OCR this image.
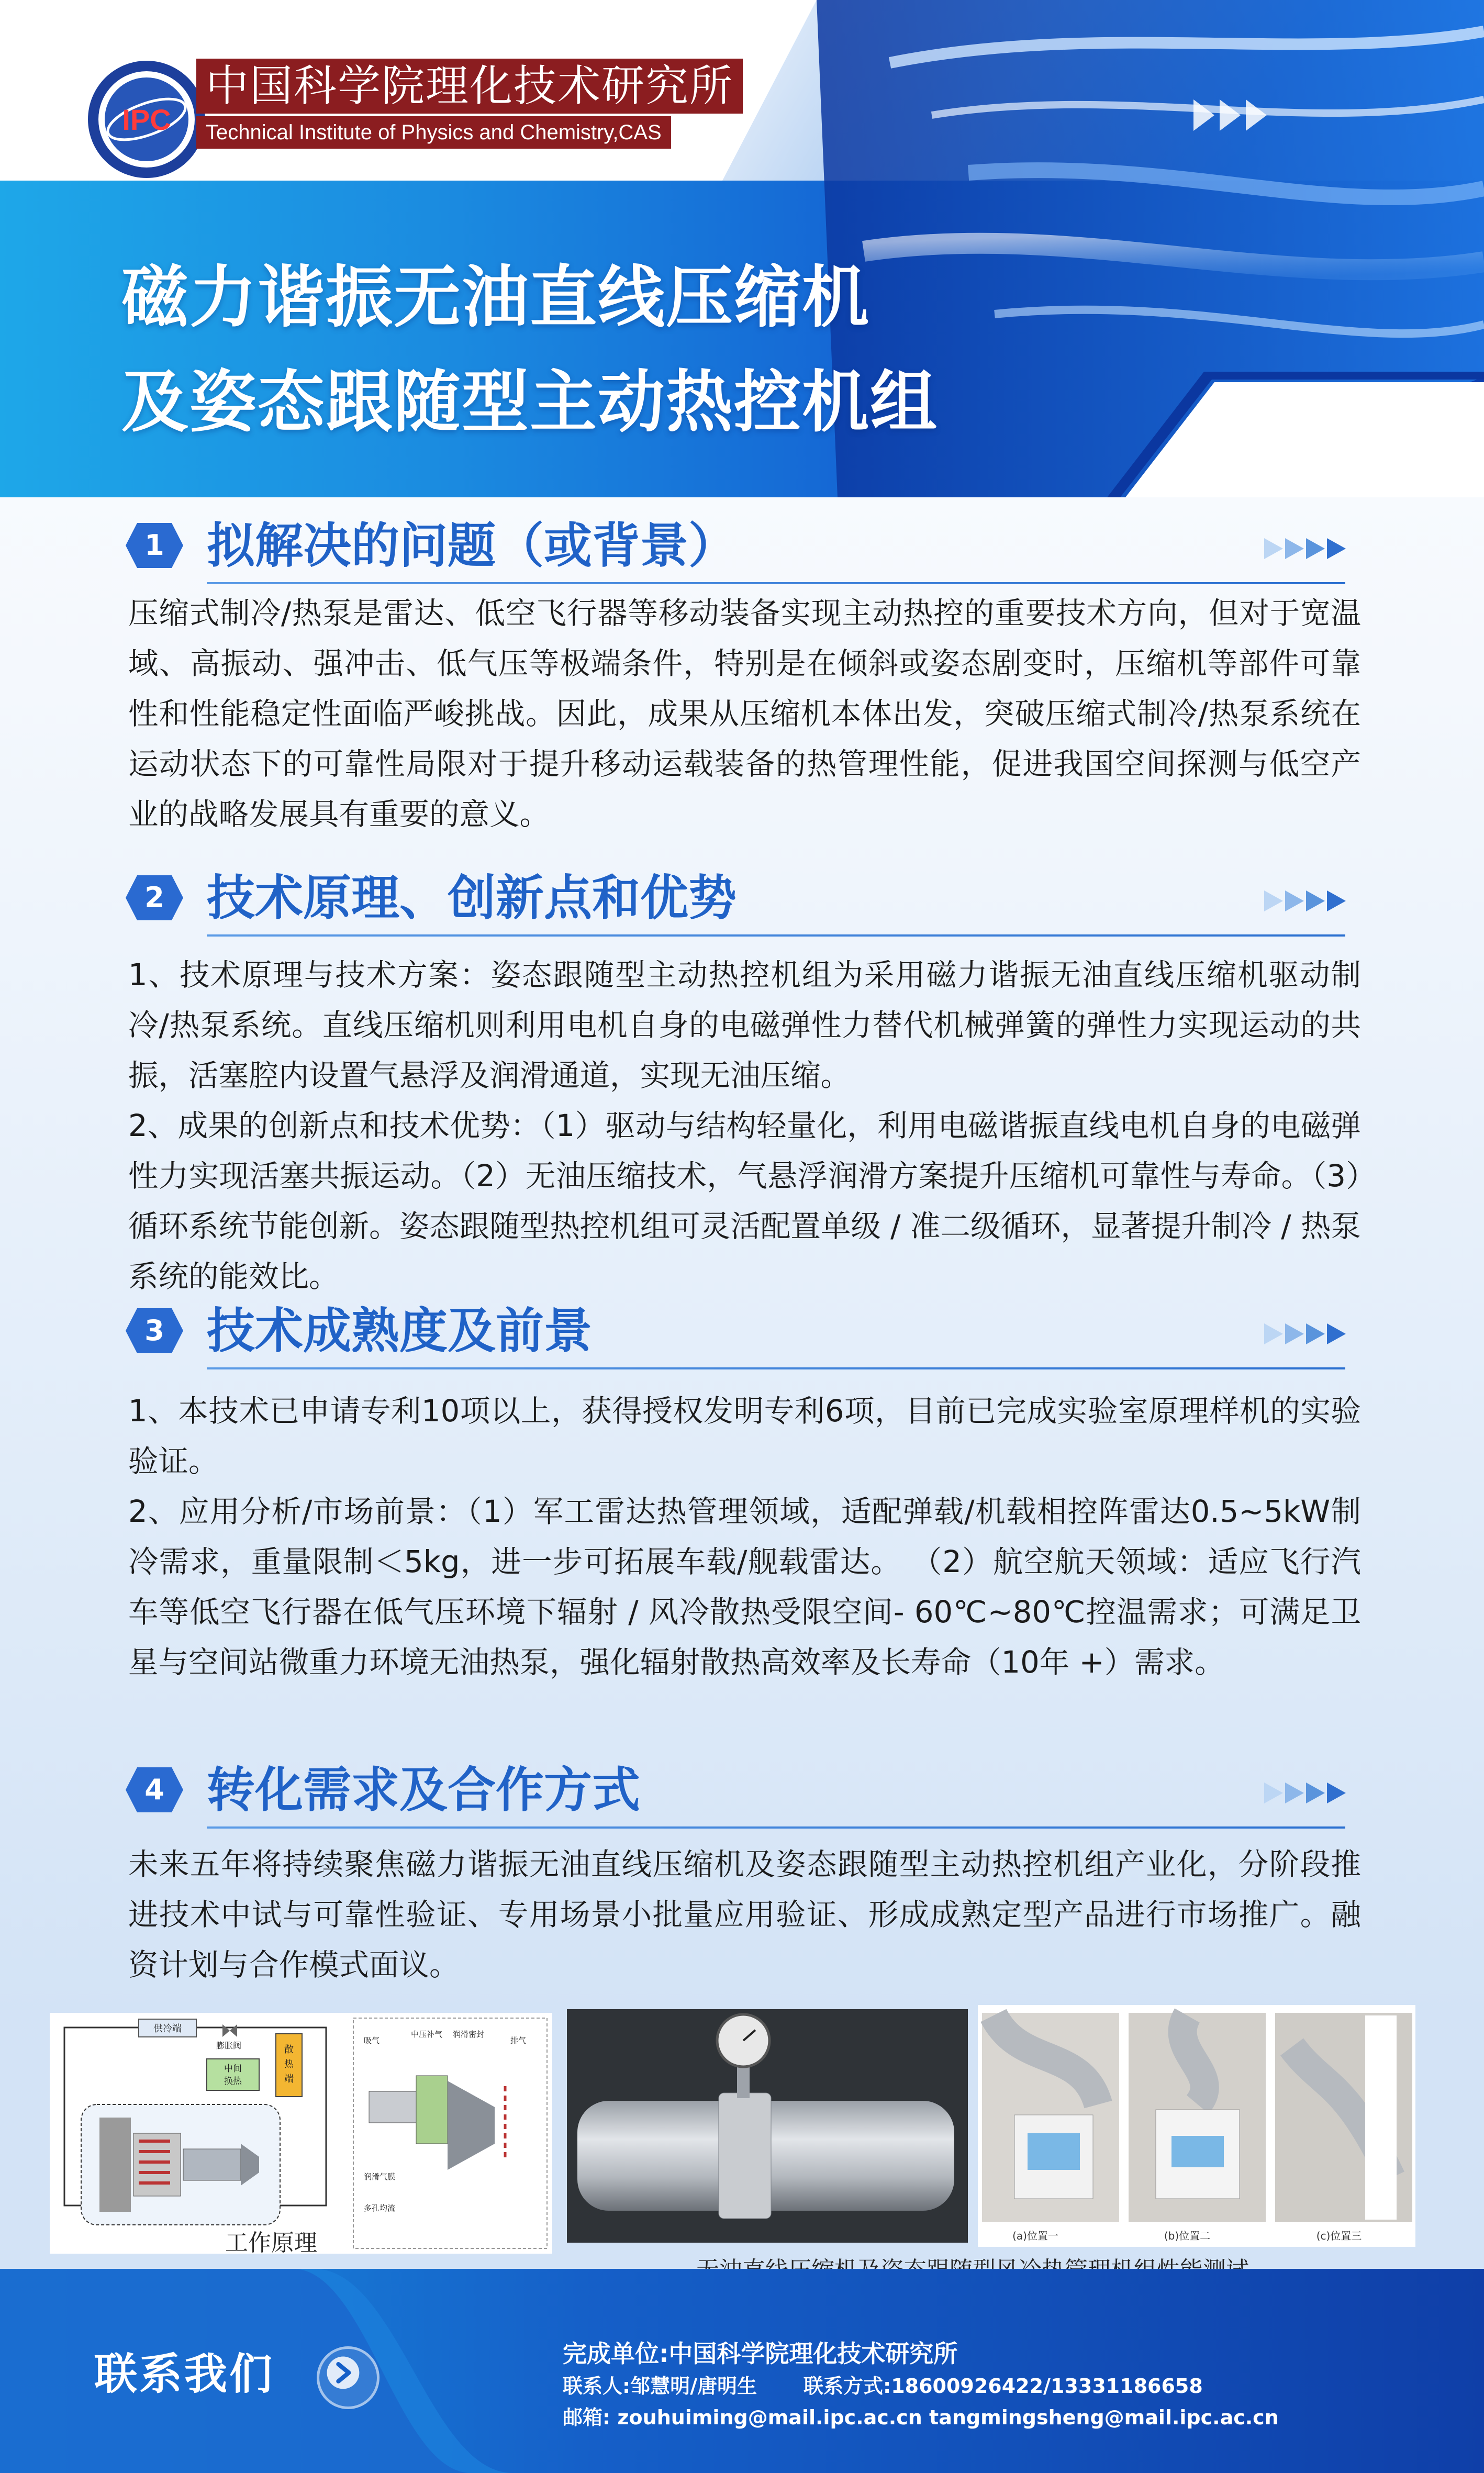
IPC
中国科学院理化技术研究所
Technical Institute of Physics and Chemistry,CAS
磁力谐振无油直线压缩机
及姿态跟随型主动热控机组
1 拟解决的问题（或背景）

压缩式制冷/热泵是雷达、低空飞行器等移动装备实现主动热控的重要技术方向，但对于宽温域、高振动、强冲击、低气压等极端条件，特别是在倾斜或姿态剧变时，压缩机等部件可靠性和性能稳定性面临严峻挑战。因此，成果从压缩机本体出发，突破压缩式制冷/热泵系统在运动状态下的可靠性局限对于提升移动运载装备的热管理性能，促进我国空间探测与低空产业的战略发展具有重要的意义。

2 技术原理、创新点和优势

1、技术原理与技术方案：姿态跟随型主动热控机组为采用磁力谐振无油直线压缩机驱动制冷/热泵系统。直线压缩机则利用电机自身的电磁弹性力替代机械弹簧的弹性力实现运动的共振，活塞腔内设置气悬浮及润滑通道，实现无油压缩。

2、成果的创新点和技术优势：（1）驱动与结构轻量化，利用电磁谐振直线电机自身的电磁弹性力实现活塞共振运动。（2）无油压缩技术，气悬浮润滑方案提升压缩机可靠性与寿命。（3）循环系统节能创新。姿态跟随型热控机组可灵活配置单级 / 准二级循环，显著提升制冷 / 热泵系统的能效比。

3 技术成熟度及前景

1、本技术已申请专利10项以上，获得授权发明专利6项，目前已完成实验室原理样机的实验验证。

2、应用分析/市场前景：（1）军工雷达热管理领域，适配弹载/机载相控阵雷达0.5~5kW制冷需求，重量限制＜5kg，进一步可拓展车载/舰载雷达。 （2）航空航天领域：适应飞行汽车等低空飞行器在低气压环境下辐射 / 风冷散热受限空间- 60℃~80℃控温需求；可满足卫星与空间站微重力环境无油热泵，强化辐射散热高效率及长寿命（10年 +）需求。

4 转化需求及合作方式

未来五年将持续聚焦磁力谐振无油直线压缩机及姿态跟随型主动热控机组产业化，分阶段推进技术中试与可靠性验证、专用场景小批量应用验证、形成成熟定型产品进行市场推广。融资计划与合作模式面议。

供冷端
膨胀阀
中间
换热
散
热
端
吸气
中压补气 润滑密封
排气
润滑气膜
多孔均流
工作原理	(a)位置一	(b)位置二	(c)位置三
联系我们	完成单位:中国科学院理化技术研究所
联系人:邹慧明/唐明生 联系方式:18600926422/13331186658
邮箱: zouhuiming@mail.ipc.ac.cn tangmingsheng@mail.ipc.ac.cn
